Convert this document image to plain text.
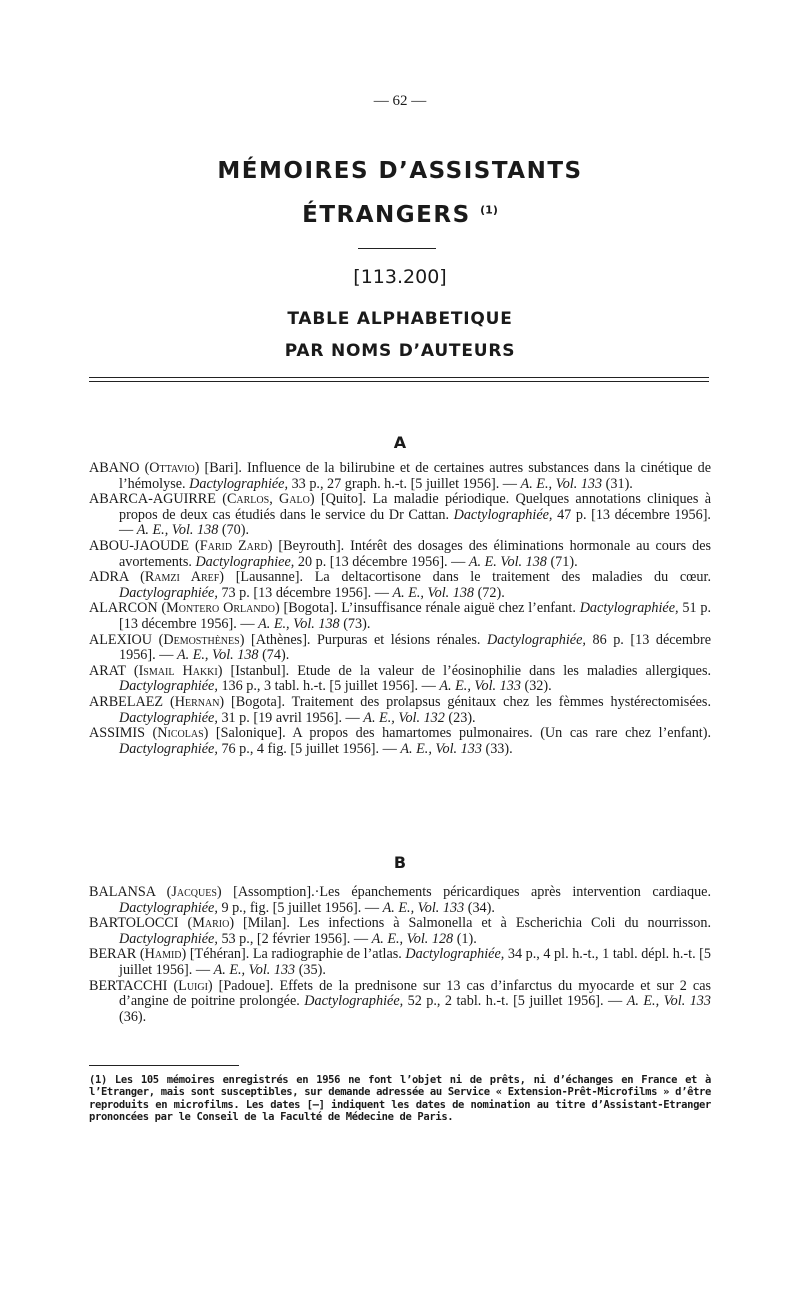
— 62 —
MÉMOIRES D’ASSISTANTS
ÉTRANGERS $^{(1)}$
[113.200]
TABLE ALPHABETIQUE
PAR NOMS D’AUTEURS
A
ABANO (Ottavio) [Bari]. Influence de la bilirubine et de certaines autres substances dans la cinétique de l’hémolyse. Dactylographiée, 33 p., 27 graph. h.-t. [5 juillet 1956]. — A. E., Vol. 133 (31).
ABARCA-AGUIRRE (Carlos, Galo) [Quito]. La maladie périodique. Quelques annotations cliniques à propos de deux cas étudiés dans le service du Dr Cattan. Dactylographiée, 47 p. [13 décembre 1956]. — A. E., Vol. 138 (70).
ABOU-JAOUDE (Farid Zard) [Beyrouth]. Intérêt des dosages des éliminations hormonale au cours des avortements. Dactylographiee, 20 p. [13 décembre 1956]. — A. E. Vol. 138 (71).
ADRA (Ramzi Aref) [Lausanne]. La deltacortisone dans le traitement des maladies du cœur. Dactylographiée, 73 p. [13 décembre 1956]. — A. E., Vol. 138 (72).
ALARCON (Montero Orlando) [Bogota]. L’insuffisance rénale aiguë chez l’enfant. Dactylographiée, 51 p. [13 décembre 1956]. — A. E., Vol. 138 (73).
ALEXIOU (Demosthènes) [Athènes]. Purpuras et lésions rénales. Dactylographiée, 86 p. [13 décembre 1956]. — A. E., Vol. 138 (74).
ARAT (Ismail Hakki) [Istanbul]. Etude de la valeur de l’éosinophilie dans les maladies allergiques. Dactylographiée, 136 p., 3 tabl. h.-t. [5 juillet 1956]. — A. E., Vol. 133 (32).
ARBELAEZ (Hernan) [Bogota]. Traitement des prolapsus génitaux chez les fèmmes hystérectomisées. Dactylographiée, 31 p. [19 avril 1956]. — A. E., Vol. 132 (23).
ASSIMIS (Nicolas) [Salonique]. A propos des hamartomes pulmonaires. (Un cas rare chez l’enfant). Dactylographiée, 76 p., 4 fig. [5 juillet 1956]. — A. E., Vol. 133 (33).
B
BALANSA (Jacques) [Assomption].·Les épanchements péricardiques après intervention cardiaque. Dactylographiée, 9 p., fig. [5 juillet 1956]. — A. E., Vol. 133 (34).
BARTOLOCCI (Mario) [Milan]. Les infections à Salmonella et à Escherichia Coli du nourrisson. Dactylographiée, 53 p., [2 février 1956]. — A. E., Vol. 128 (1).
BERAR (Hamid) [Téhéran]. La radiographie de l’atlas. Dactylographiée, 34 p., 4 pl. h.-t., 1 tabl. dépl. h.-t. [5 juillet 1956]. — A. E., Vol. 133 (35).
BERTACCHI (Luigi) [Padoue]. Effets de la prednisone sur 13 cas d’infarctus du myocarde et sur 2 cas d’angine de poitrine prolongée. Dactylographiée, 52 p., 2 tabl. h.-t. [5 juillet 1956]. — A. E., Vol. 133 (36).
(1) Les 105 mémoires enregistrés en 1956 ne font l’objet ni de prêts, ni d’échanges en France et à l’Etranger, mais sont susceptibles, sur demande adressée au Service « Extension-Prêt-Microfilms » d’être reproduits en microfilms. Les dates [—] indiquent les dates de nomination au titre d’Assistant-Etranger prononcées par le Conseil de la Faculté de Médecine de Paris.
